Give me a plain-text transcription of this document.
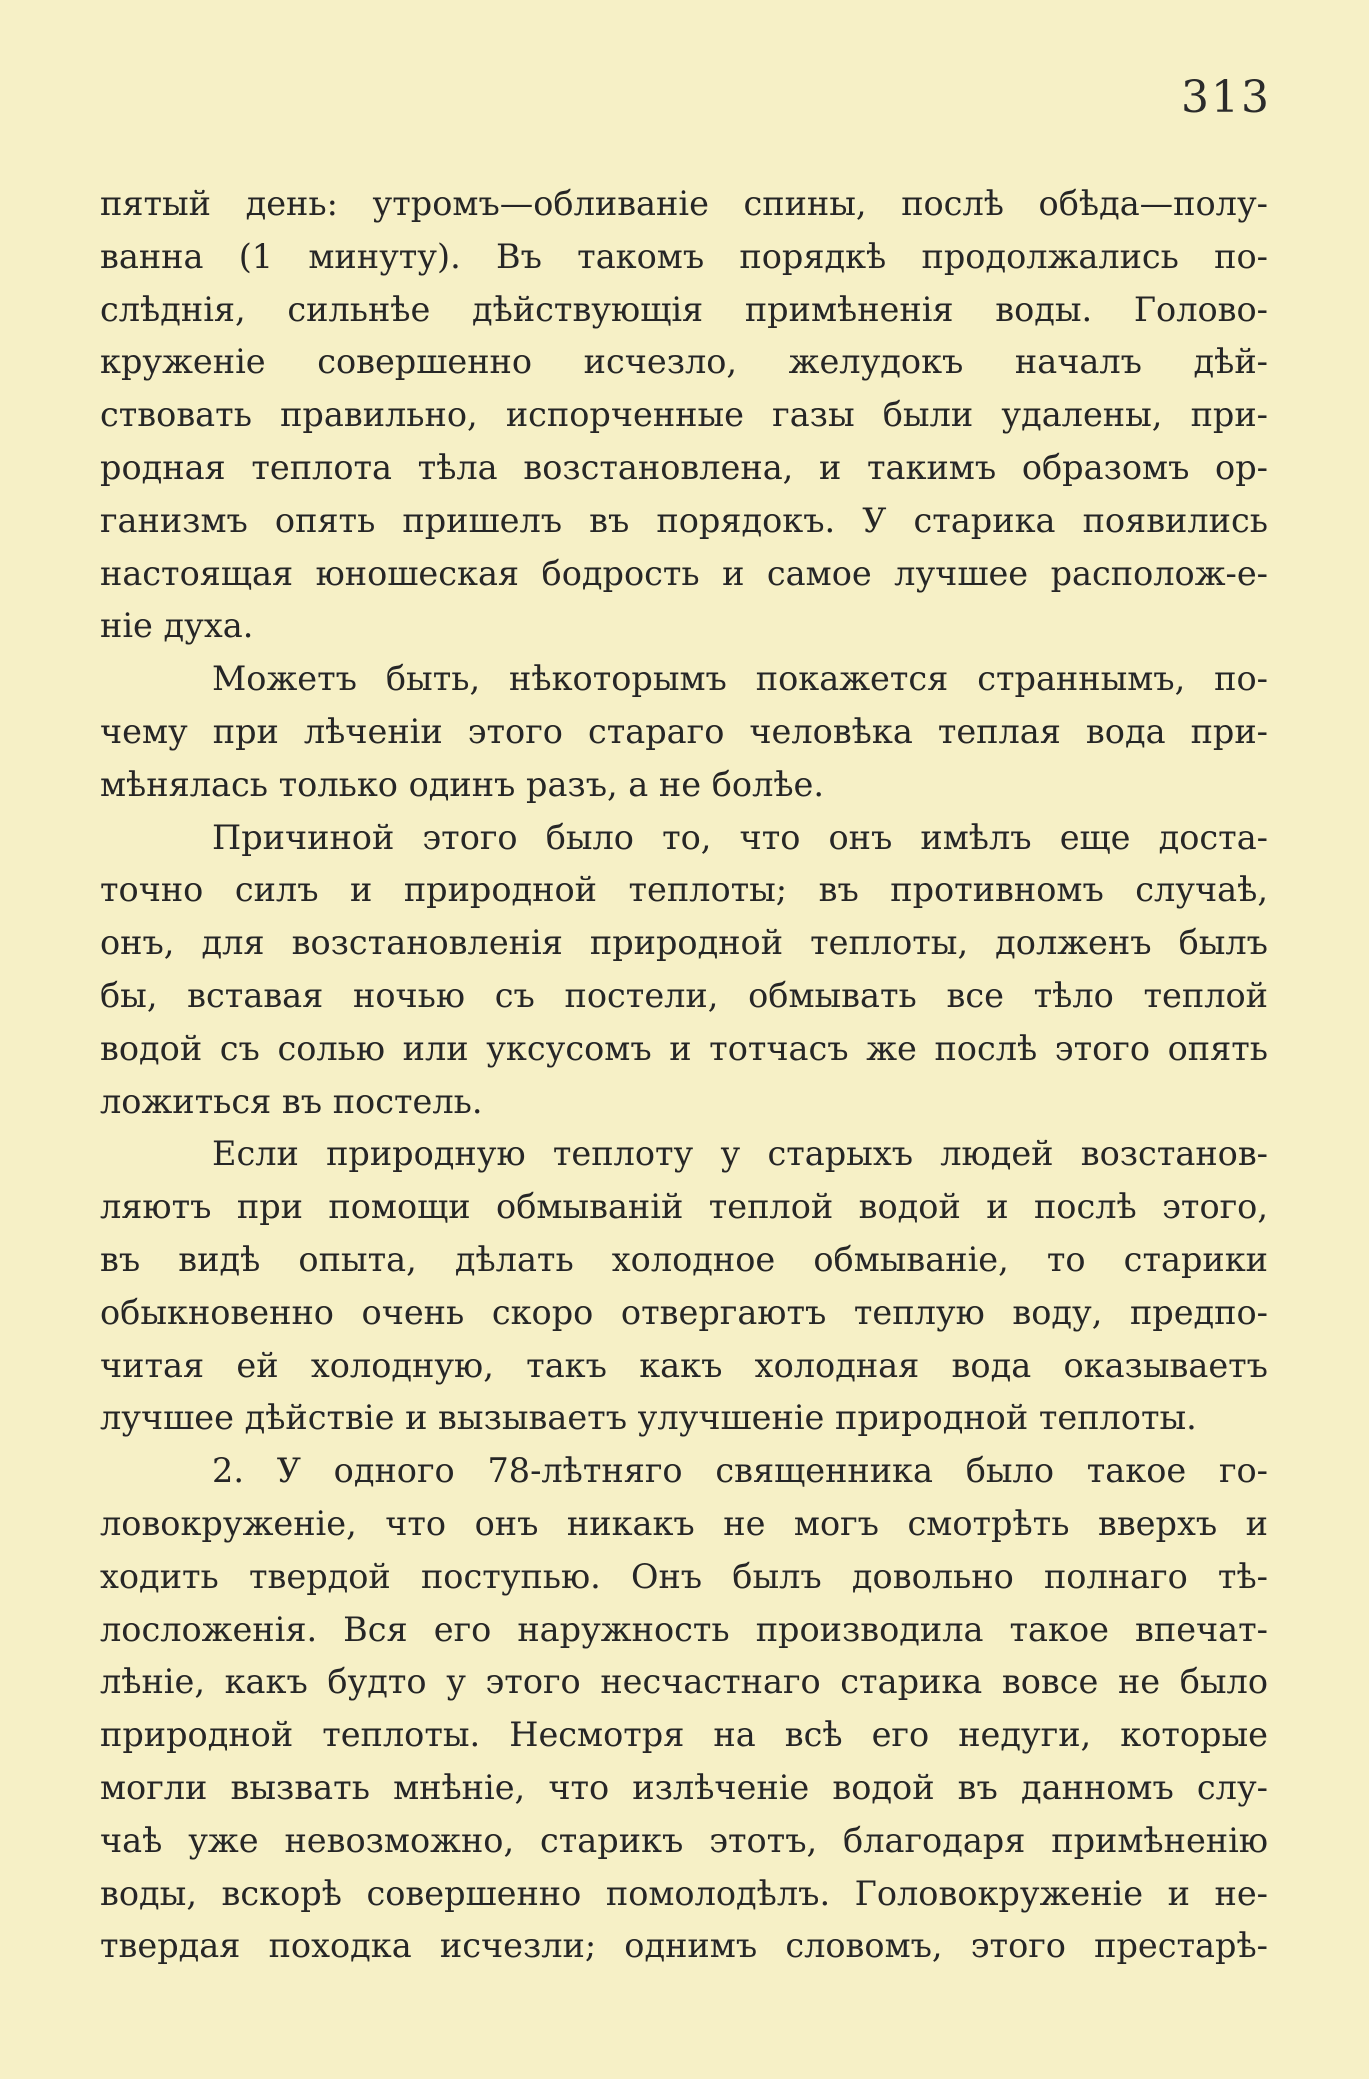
313
пятый день: утромъ—обливаніе спины, послѣ обѣда—полу-
ванна (1 минуту). Въ такомъ порядкѣ продолжались по-
слѣднія, сильнѣе дѣйствующія примѣненія воды. Голово-
круженіе совершенно исчезло, желудокъ началъ дѣй-
ствовать правильно, испорченные газы были удалены, при-
родная теплота тѣла возстановлена, и такимъ образомъ ор-
ганизмъ опять пришелъ въ порядокъ. У старика появились
настоящая юношеская бодрость и самое лучшее располож-е-
ніе духа.
Можетъ быть, нѣкоторымъ покажется страннымъ, по-
чему при лѣченіи этого стараго человѣка теплая вода при-
мѣнялась только одинъ разъ, а не болѣе.
Причиной этого было то, что онъ имѣлъ еще доста-
точно силъ и природной теплоты; въ противномъ случаѣ,
онъ, для возстановленія природной теплоты, долженъ былъ
бы, вставая ночью съ постели, обмывать все тѣло теплой
водой съ солью или уксусомъ и тотчасъ же послѣ этого опять
ложиться въ постель.
Если природную теплоту у старыхъ людей возстанов-
ляютъ при помощи обмываній теплой водой и послѣ этого,
въ видѣ опыта, дѣлать холодное обмываніе, то старики
обыкновенно очень скоро отвергаютъ теплую воду, предпо-
читая ей холодную, такъ какъ холодная вода оказываетъ
лучшее дѣйствіе и вызываетъ улучшеніе природной теплоты.
2. У одного 78-лѣтняго священника было такое го-
ловокруженіе, что онъ никакъ не могъ смотрѣть вверхъ и
ходить твердой поступью. Онъ былъ довольно полнаго тѣ-
лосложенія. Вся его наружность производила такое впечат-
лѣніе, какъ будто у этого несчастнаго старика вовсе не было
природной теплоты. Несмотря на всѣ его недуги, которые
могли вызвать мнѣніе, что излѣченіе водой въ данномъ слу-
чаѣ уже невозможно, старикъ этотъ, благодаря примѣненію
воды, вскорѣ совершенно помолодѣлъ. Головокруженіе и не-
твердая походка исчезли; однимъ словомъ, этого престарѣ-
